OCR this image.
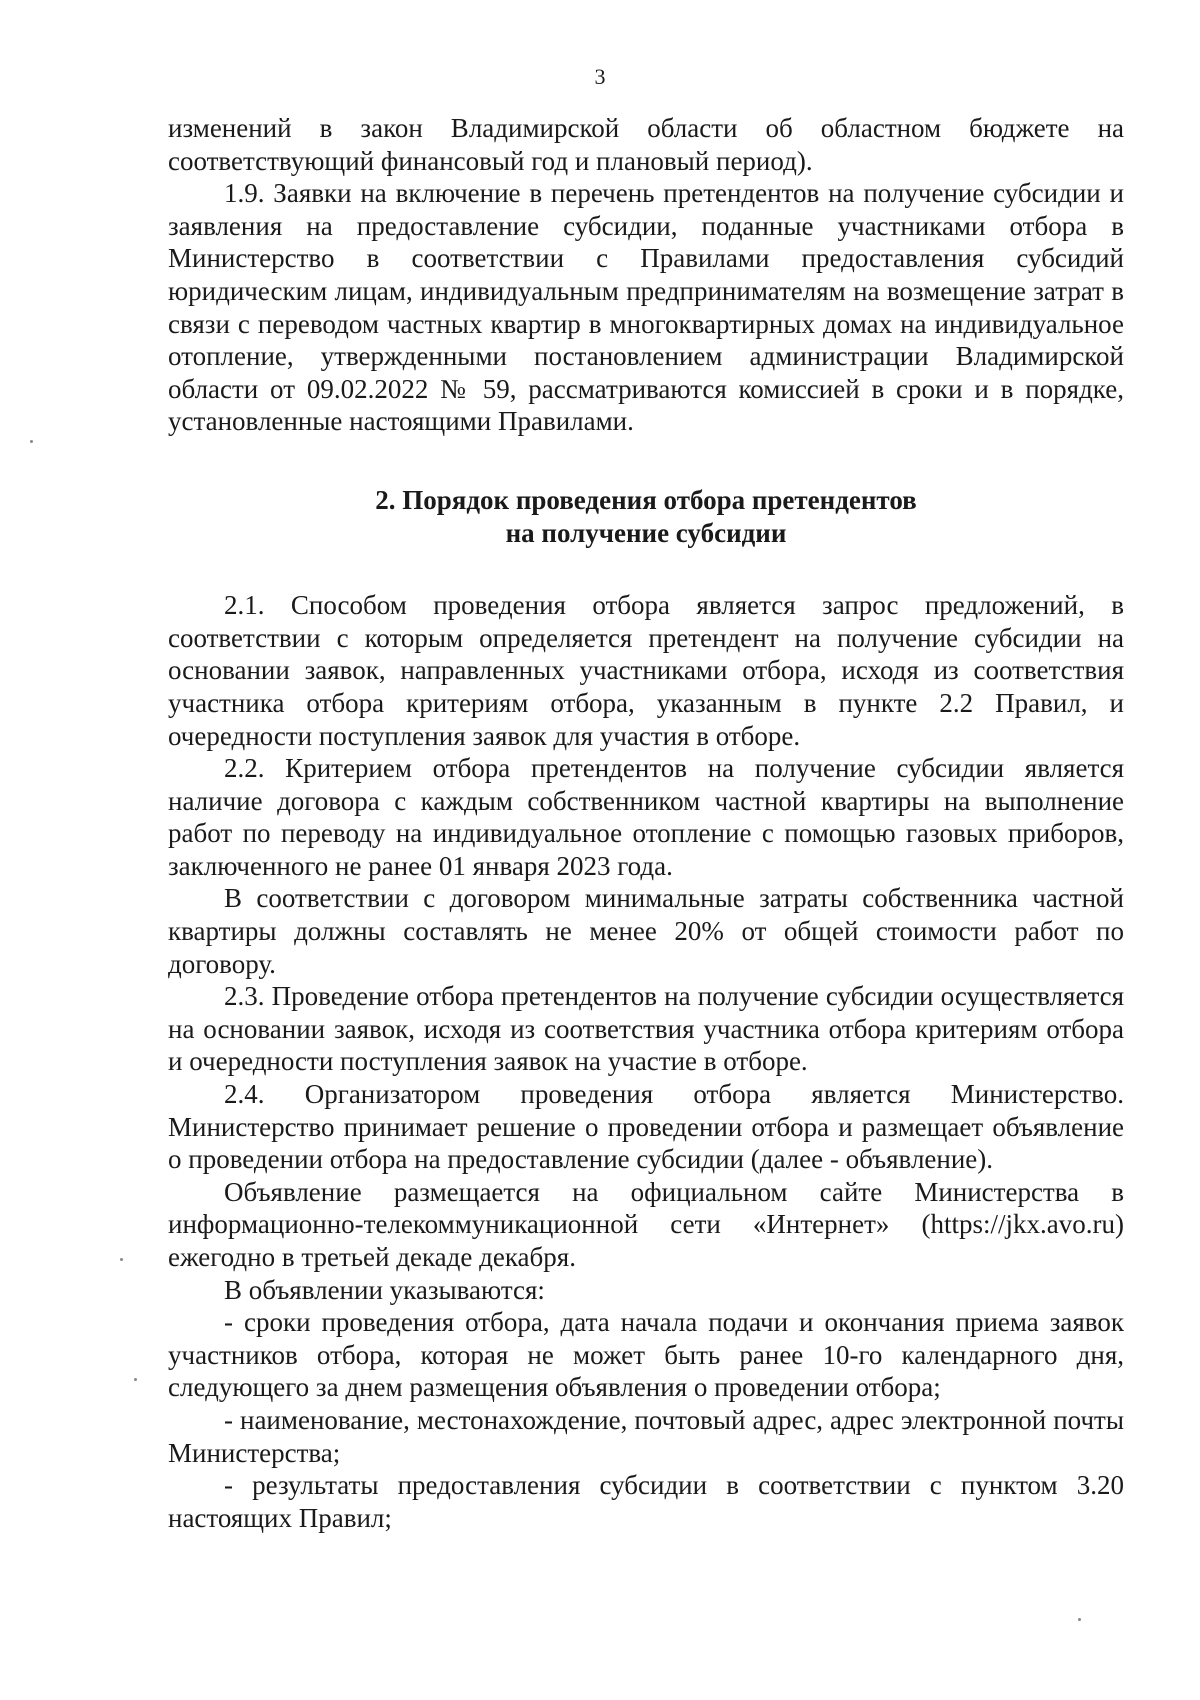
3

изменений в закон Владимирской области об областном бюджете на соответствующий финансовый год и плановый период).

1.9. Заявки на включение в перечень претендентов на получение субсидии и заявления на предоставление субсидии, поданные участниками отбора в Министерство в соответствии с Правилами предоставления субсидий юридическим лицам, индивидуальным предпринимателям на возмещение затрат в связи с переводом частных квартир в многоквартирных домах на индивидуальное отопление, утвержденными постановлением администрации Владимирской области от 09.02.2022 № 59, рассматриваются комиссией в сроки и в порядке, установленные настоящими Правилами.

2. Порядок проведения отбора претендентов
на получение субсидии

2.1. Способом проведения отбора является запрос предложений, в соответствии с которым определяется претендент на получение субсидии на основании заявок, направленных участниками отбора, исходя из соответствия участника отбора критериям отбора, указанным в пункте 2.2 Правил, и очередности поступления заявок для участия в отборе.

2.2. Критерием отбора претендентов на получение субсидии является наличие договора с каждым собственником частной квартиры на выполнение работ по переводу на индивидуальное отопление с помощью газовых приборов, заключенного не ранее 01 января 2023 года.

В соответствии с договором минимальные затраты собственника частной квартиры должны составлять не менее 20% от общей стоимости работ по договору.

2.3. Проведение отбора претендентов на получение субсидии осуществляется на основании заявок, исходя из соответствия участника отбора критериям отбора и очередности поступления заявок на участие в отборе.

2.4. Организатором проведения отбора является Министерство. Министерство принимает решение о проведении отбора и размещает объявление о проведении отбора на предоставление субсидии (далее - объявление).

Объявление размещается на официальном сайте Министерства в информационно-телекоммуникационной сети «Интернет» (https://jkx.avo.ru) ежегодно в третьей декаде декабря.

В объявлении указываются:

- сроки проведения отбора, дата начала подачи и окончания приема заявок участников отбора, которая не может быть ранее 10-го календарного дня, следующего за днем размещения объявления о проведении отбора;

- наименование, местонахождение, почтовый адрес, адрес электронной почты Министерства;

- результаты предоставления субсидии в соответствии с пунктом 3.20 настоящих Правил;
